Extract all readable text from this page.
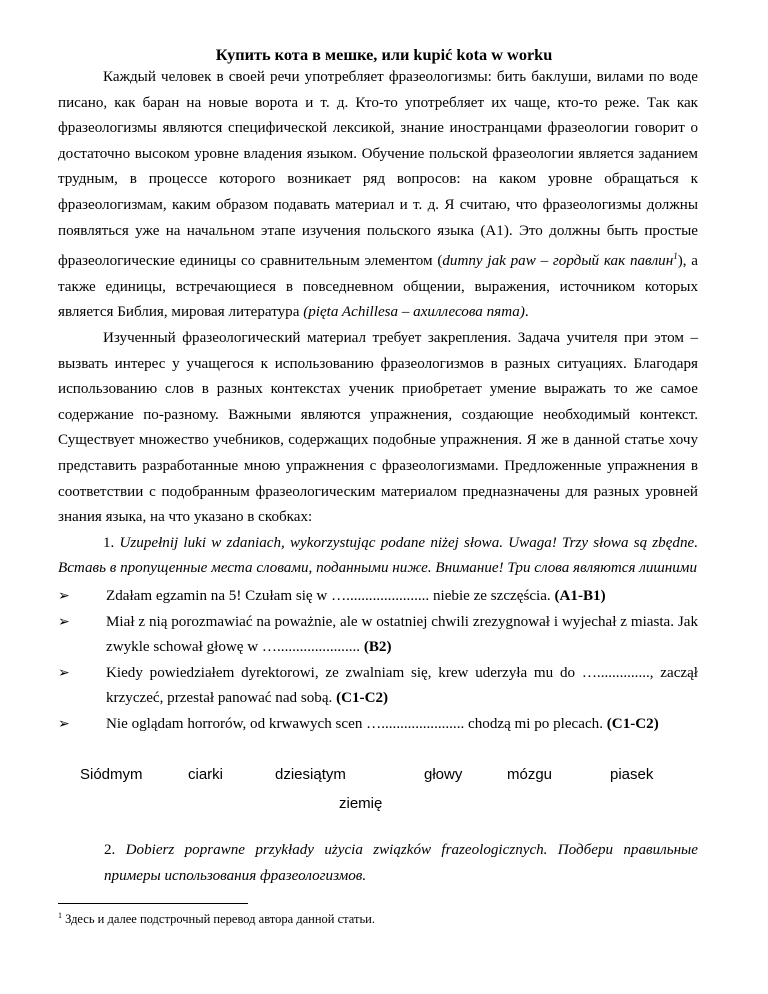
Купить кота в мешке, или kupić kota w worku

Каждый человек в своей речи употребляет фразеологизмы: бить баклуши, вилами по воде писано, как баран на новые ворота и т. д. Кто-то употребляет их чаще, кто-то реже. Так как фразеологизмы являются специфической лексикой, знание иностранцами фразеологии говорит о достаточно высоком уровне владения языком. Обучение польской фразеологии является заданием трудным, в процессе которого возникает ряд вопросов: на каком уровне обращаться к фразеологизмам, каким образом подавать материал и т. д. Я считаю, что фразеологизмы должны появляться уже на начальном этапе изучения польского языка (А1). Это должны быть простые фразеологические единицы со сравнительным элементом (dumny jak paw – гордый как павлин$^1$), а также единицы, встречающиеся в повседневном общении, выражения, источником которых является Библия, мировая литература (pięta Achillesa – ахиллесова пята).

Изученный фразеологический материал требует закрепления. Задача учителя при этом – вызвать интерес у учащегося к использованию фразеологизмов в разных ситуациях. Благодаря использованию слов в разных контекстах ученик приобретает умение выражать то же самое содержание по-разному. Важными являются упражнения, создающие необходимый контекст. Существует множество учебников, содержащих подобные упражнения. Я же в данной статье хочу представить разработанные мною упражнения с фразеологизмами. Предложенные упражнения в соответствии с подобранным фразеологическим материалом предназначены для разных уровней знания языка, на что указано в скобках:

1. Uzupełnij luki w zdaniach, wykorzystując podane niżej słowa. Uwaga! Trzy słowa są zbędne. Вставь в пропущенные места словами, поданными ниже. Внимание! Три слова являются лишними

➢ Zdałam egzamin na 5! Czułam się w …...................... niebie ze szczęścia. (A1-B1)

➢ Miał z nią porozmawiać na poważnie, ale w ostatniej chwili zrezygnował i wyjechał z miasta. Jak zwykle schował głowę w …...................... (B2)

➢ Kiedy powiedziałem dyrektorowi, ze zwalniam się, krew uderzyła mu do ….............., zaczął krzyczeć, przestał panować nad sobą. (C1-C2)

➢ Nie oglądam horrorów, od krwawych scen …...................... chodzą mi po plecach. (C1-C2)

Siódmym	ciarki	dziesiątym	głowy	mózgu	piasek
ziemię
2. Dobierz poprawne przykłady użycia związków frazeologicznych. Подбери правильные примеры использования фразеологизмов.
$^1$ Здесь и далее подстрочный перевод автора данной статьи.
